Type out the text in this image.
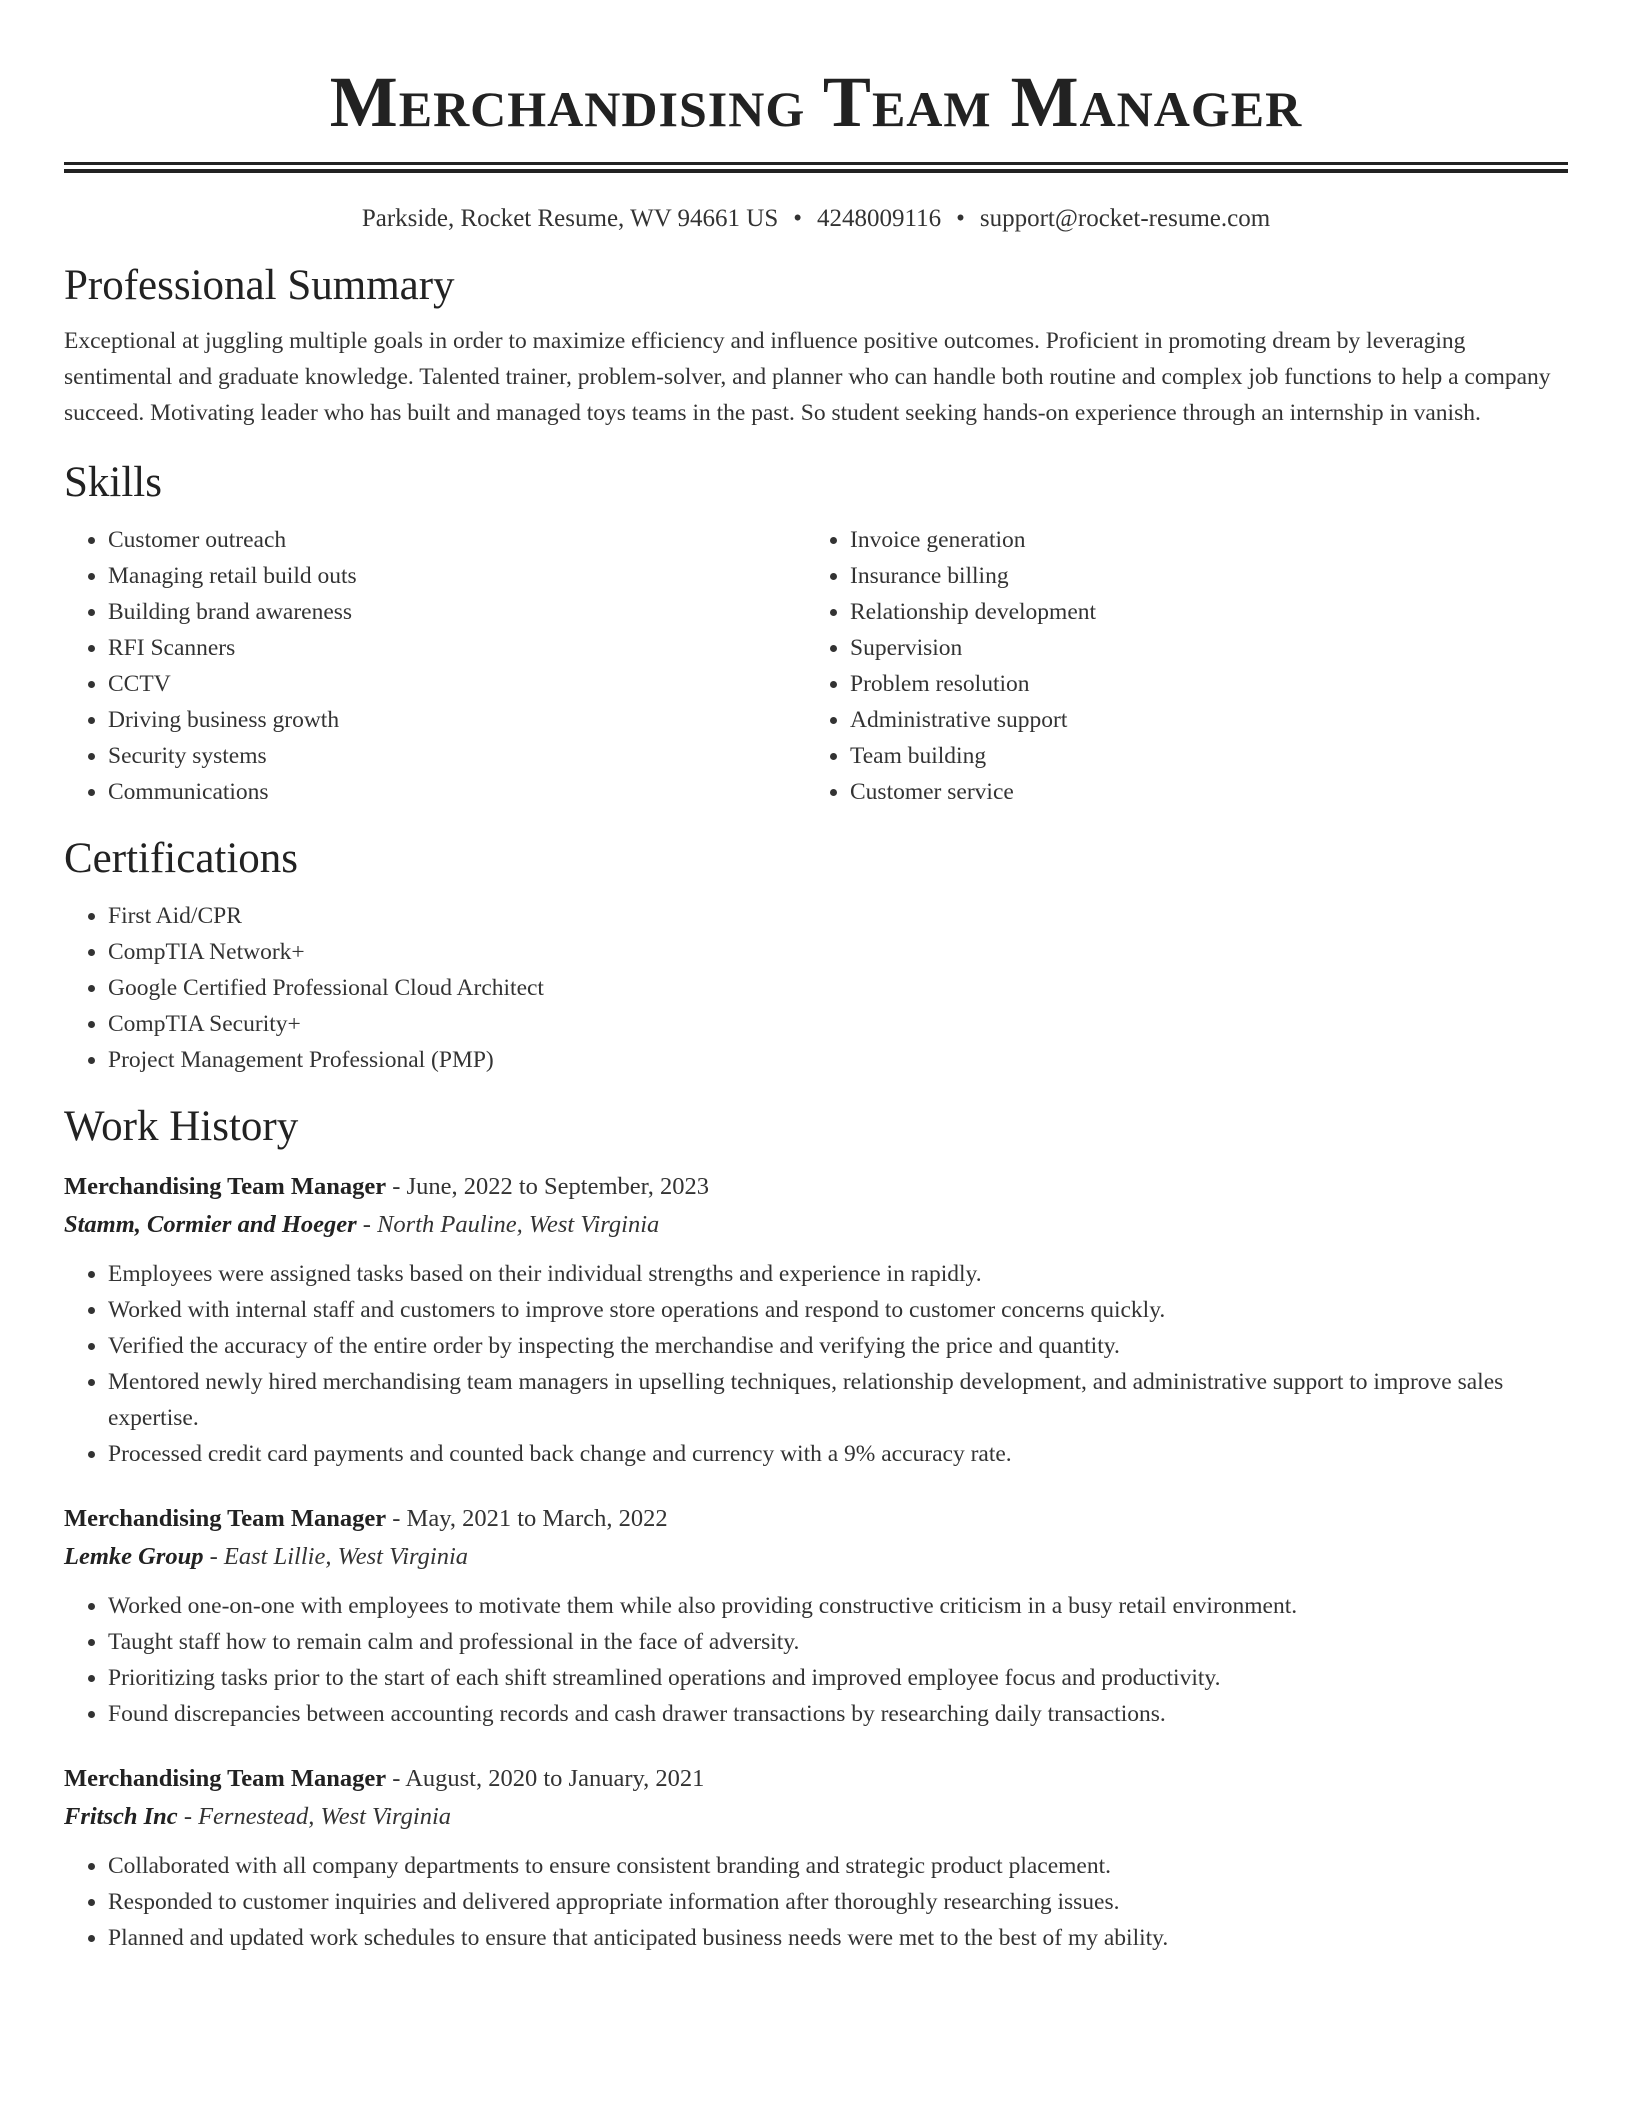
Merchandising Team Manager
Parkside, Rocket Resume, WV 94661 US • 4248009116 • support@rocket-resume.com
Professional Summary
Exceptional at juggling multiple goals in order to maximize efficiency and influence positive outcomes. Proficient in promoting dream by leveraging sentimental and graduate knowledge. Talented trainer, problem-solver, and planner who can handle both routine and complex job functions to help a company succeed. Motivating leader who has built and managed toys teams in the past. So student seeking hands-on experience through an internship in vanish.
Skills
• Customer outreach
• Managing retail build outs
• Building brand awareness
• RFI Scanners
• CCTV
• Driving business growth
• Security systems
• Communications
• Invoice generation
• Insurance billing
• Relationship development
• Supervision
• Problem resolution
• Administrative support
• Team building
• Customer service
Certifications
• First Aid/CPR
• CompTIA Network+
• Google Certified Professional Cloud Architect
• CompTIA Security+
• Project Management Professional (PMP)
Work History
Merchandising Team Manager - June, 2022 to September, 2023
Stamm, Cormier and Hoeger - North Pauline, West Virginia
• Employees were assigned tasks based on their individual strengths and experience in rapidly.
• Worked with internal staff and customers to improve store operations and respond to customer concerns quickly.
• Verified the accuracy of the entire order by inspecting the merchandise and verifying the price and quantity.
• Mentored newly hired merchandising team managers in upselling techniques, relationship development, and administrative support to improve sales expertise.
• Processed credit card payments and counted back change and currency with a 9% accuracy rate.
Merchandising Team Manager - May, 2021 to March, 2022
Lemke Group - East Lillie, West Virginia
• Worked one-on-one with employees to motivate them while also providing constructive criticism in a busy retail environment.
• Taught staff how to remain calm and professional in the face of adversity.
• Prioritizing tasks prior to the start of each shift streamlined operations and improved employee focus and productivity.
• Found discrepancies between accounting records and cash drawer transactions by researching daily transactions.
Merchandising Team Manager - August, 2020 to January, 2021
Fritsch Inc - Fernestead, West Virginia
• Collaborated with all company departments to ensure consistent branding and strategic product placement.
• Responded to customer inquiries and delivered appropriate information after thoroughly researching issues.
• Planned and updated work schedules to ensure that anticipated business needs were met to the best of my ability.
